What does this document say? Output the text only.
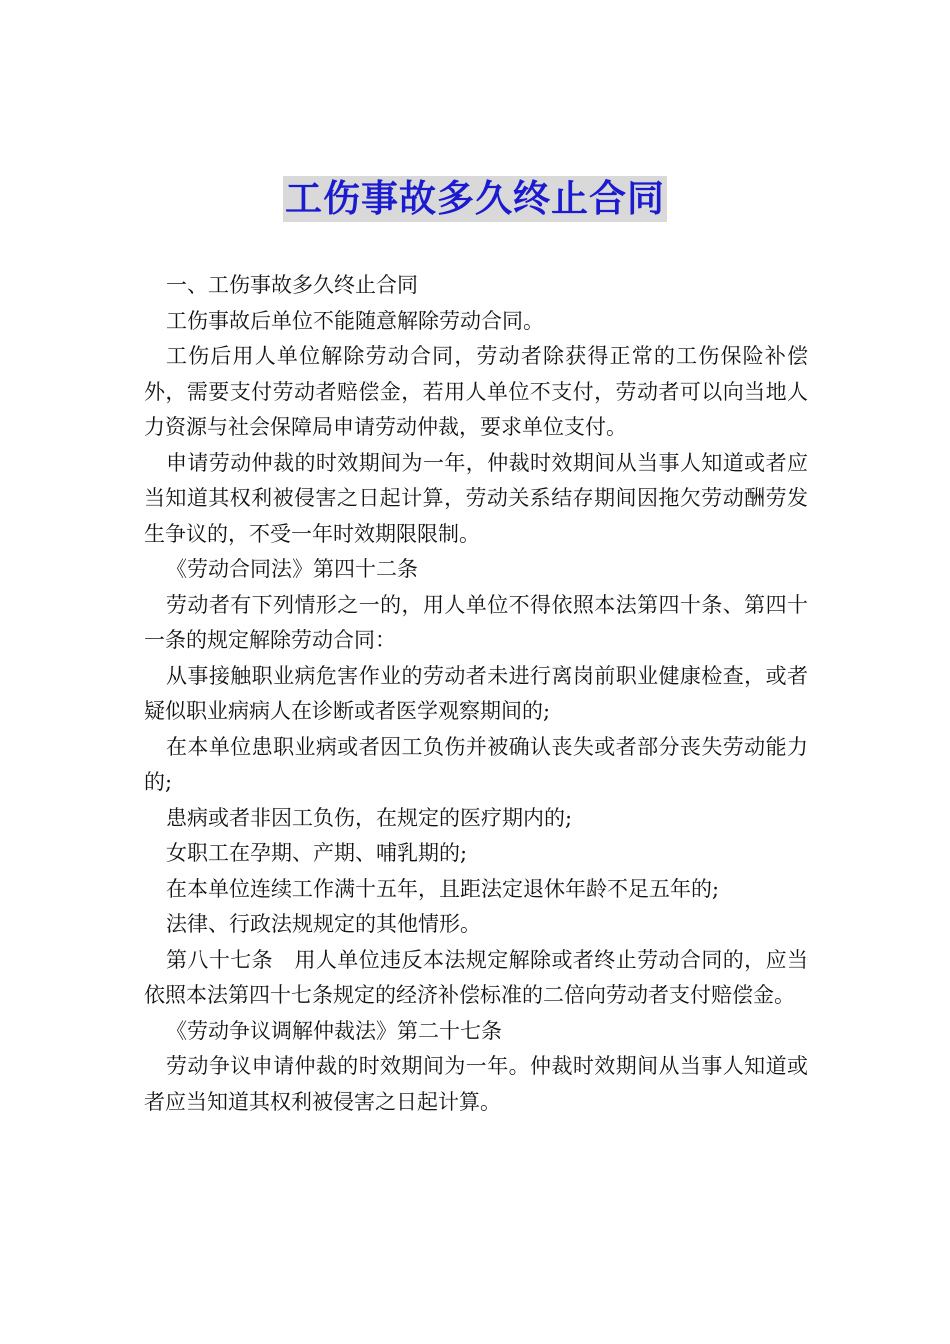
工伤事故多久终止合同

一、工伤事故多久终止合同

工伤事故后单位不能随意解除劳动合同。

工伤后用人单位解除劳动合同，劳动者除获得正常的工伤保险补偿外，需要支付劳动者赔偿金，若用人单位不支付，劳动者可以向当地人力资源与社会保障局申请劳动仲裁，要求单位支付。

申请劳动仲裁的时效期间为一年，仲裁时效期间从当事人知道或者应当知道其权利被侵害之日起计算，劳动关系结存期间因拖欠劳动酬劳发生争议的，不受一年时效期限限制。

《劳动合同法》第四十二条

劳动者有下列情形之一的，用人单位不得依照本法第四十条、第四十一条的规定解除劳动合同：

从事接触职业病危害作业的劳动者未进行离岗前职业健康检查，或者疑似职业病病人在诊断或者医学观察期间的;

在本单位患职业病或者因工负伤并被确认丧失或者部分丧失劳动能力的;

患病或者非因工负伤，在规定的医疗期内的;

女职工在孕期、产期、哺乳期的;

在本单位连续工作满十五年，且距法定退休年龄不足五年的;

法律、行政法规规定的其他情形。

第八十七条　用人单位违反本法规定解除或者终止劳动合同的，应当依照本法第四十七条规定的经济补偿标准的二倍向劳动者支付赔偿金。

《劳动争议调解仲裁法》第二十七条

劳动争议申请仲裁的时效期间为一年。仲裁时效期间从当事人知道或者应当知道其权利被侵害之日起计算。
